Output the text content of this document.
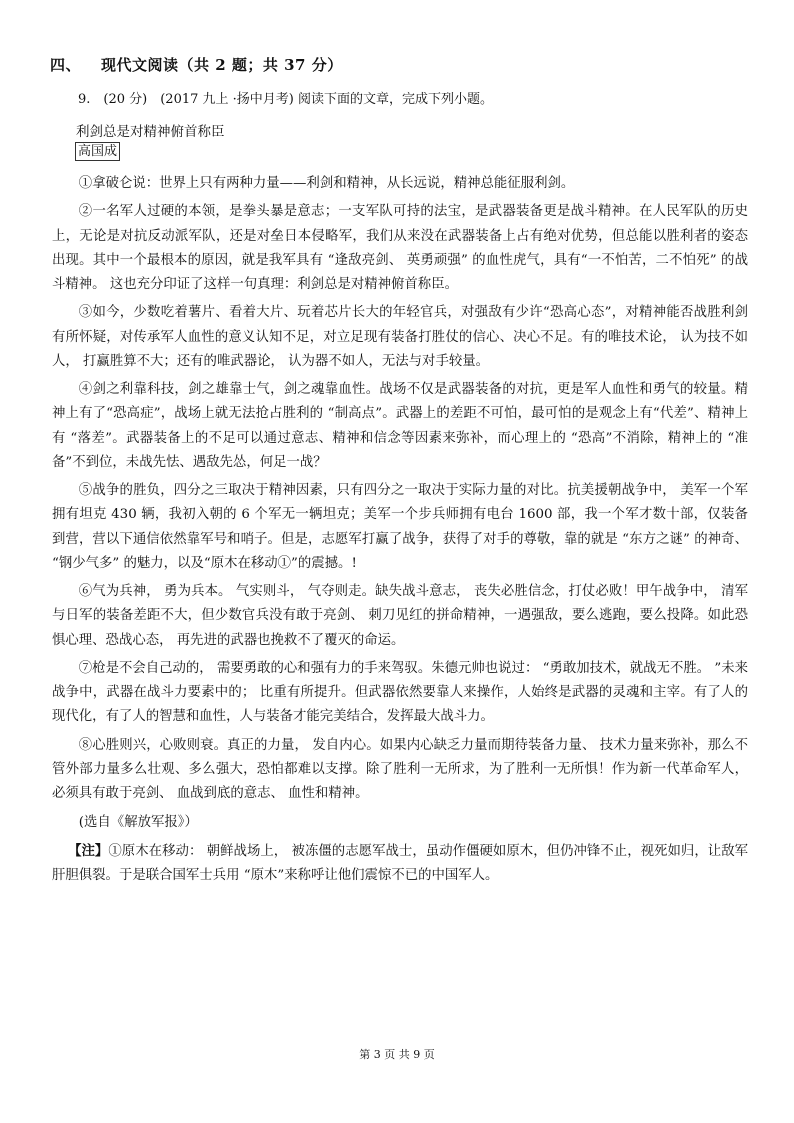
四、 现代文阅读（共 2 题；共 37 分）
9.　(20 分)　(2017 九上 ·扬中月考) 阅读下面的文章，完成下列小题。
利剑总是对精神俯首称臣
高国成

①拿破仑说：世界上只有两种力量——利剑和精神，从长远说，精神总能征服利剑。

②一名军人过硬的本领，是拳头暴是意志；一支军队可持的法宝，是武器装备更是战斗精神。在人民军队的历史上，无论是对抗反动派军队，还是对垒日本侵略军，我们从来没在武器装备上占有绝对优势，但总能以胜利者的姿态出现。其中一个最根本的原因，就是我军具有 “逢敌亮剑、 英勇顽强” 的血性虎气，具有“一不怕苦，二不怕死” 的战斗精神。 这也充分印证了这样一句真理：利剑总是对精神俯首称臣。

③如今，少数吃着薯片、看着大片、玩着芯片长大的年轻官兵，对强敌有少许“恐高心态”，对精神能否战胜利剑有所怀疑，对传承军人血性的意义认知不足，对立足现有装备打胜仗的信心、决心不足。有的唯技术论， 认为技不如人， 打赢胜算不大；还有的唯武器论， 认为器不如人，无法与对手较量。

④剑之利靠科技，剑之雄靠士气，剑之魂靠血性。战场不仅是武器装备的对抗，更是军人血性和勇气的较量。精神上有了“恐高症”，战场上就无法抢占胜利的 “制高点”。武器上的差距不可怕，最可怕的是观念上有“代差”、精神上有 “落差”。武器装备上的不足可以通过意志、精神和信念等因素来弥补，而心理上的 “恐高”不消除，精神上的 “准备”不到位，未战先怯、遇敌先怂，何足一战？

⑤战争的胜负，四分之三取决于精神因素，只有四分之一取决于实际力量的对比。抗美援朝战争中， 美军一个军拥有坦克 430 辆，我初入朝的 6 个军无一辆坦克；美军一个步兵师拥有电台 1600 部，我一个军才数十部，仅装备到营，营以下通信依然靠军号和哨子。但是，志愿军打赢了战争，获得了对手的尊敬，靠的就是 “东方之谜” 的神奇、 “钢少气多” 的魅力，以及“原木在移动①”的震撼。!

⑥气为兵神， 勇为兵本。 气实则斗， 气夺则走。缺失战斗意志， 丧失必胜信念，打仗必败！甲午战争中， 清军与日军的装备差距不大，但少数官兵没有敢于亮剑、 刺刀见红的拼命精神，一遇强敌，要么逃跑，要么投降。如此恐惧心理、恐战心态， 再先进的武器也挽救不了覆灭的命运。

⑦枪是不会自己动的， 需要勇敢的心和强有力的手来驾驭。朱德元帅也说过： “勇敢加技术，就战无不胜。 ”未来战争中，武器在战斗力要素中的； 比重有所提升。但武器依然要靠人来操作，人始终是武器的灵魂和主宰。有了人的现代化，有了人的智慧和血性，人与装备才能完美结合，发挥最大战斗力。

⑧心胜则兴，心败则衰。真正的力量， 发自内心。如果内心缺乏力量而期待装备力量、 技术力量来弥补，那么不管外部力量多么壮观、多么强大，恐怕都难以支撑。除了胜利一无所求，为了胜利一无所惧！作为新一代革命军人， 必须具有敢于亮剑、 血战到底的意志、 血性和精神。

(选自《解放军报》）

【注】①原木在移动： 朝鲜战场上， 被冻僵的志愿军战士，虽动作僵硬如原木，但仍冲锋不止，视死如归，让敌军肝胆俱裂。于是联合国军士兵用 “原木”来称呼让他们震惊不已的中国军人。

第 3 页 共 9 页
